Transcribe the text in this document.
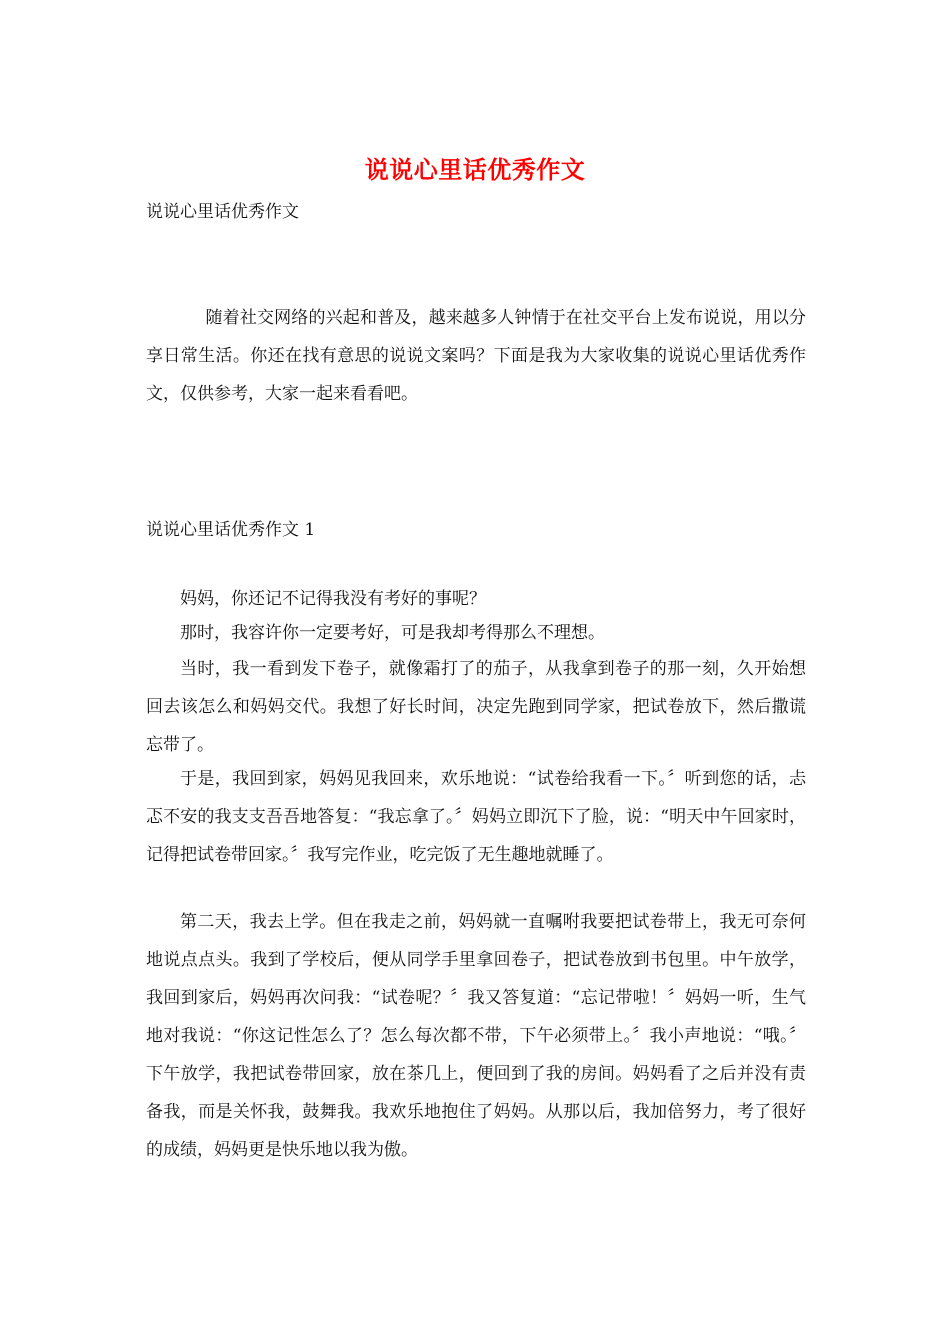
说说心里话优秀作文
说说心里话优秀作文

随着社交网络的兴起和普及，越来越多人钟情于在社交平台上发布说说，用以分享日常生活。你还在找有意思的说说文案吗？下面是我为大家收集的说说心里话优秀作文，仅供参考，大家一起来看看吧。

说说心里话优秀作文 1

妈妈，你还记不记得我没有考好的事呢？

那时，我容许你一定要考好，可是我却考得那么不理想。

当时，我一看到发下卷子，就像霜打了的茄子，从我拿到卷子的那一刻，久开始想回去该怎么和妈妈交代。我想了好长时间，决定先跑到同学家，把试卷放下，然后撒谎忘带了。

于是，我回到家，妈妈见我回来，欢乐地说：“试卷给我看一下。〞听到您的话，忐忑不安的我支支吾吾地答复：“我忘拿了。〞妈妈立即沉下了脸，说：“明天中午回家时，记得把试卷带回家。〞我写完作业，吃完饭了无生趣地就睡了。

第二天，我去上学。但在我走之前，妈妈就一直嘱咐我要把试卷带上，我无可奈何地说点点头。我到了学校后，便从同学手里拿回卷子，把试卷放到书包里。中午放学，我回到家后，妈妈再次问我：“试卷呢？〞我又答复道：“忘记带啦！〞妈妈一听，生气地对我说：“你这记性怎么了？怎么每次都不带，下午必须带上。〞我小声地说：“哦。〞下午放学，我把试卷带回家，放在茶几上，便回到了我的房间。妈妈看了之后并没有责备我，而是关怀我，鼓舞我。我欢乐地抱住了妈妈。从那以后，我加倍努力，考了很好的成绩，妈妈更是快乐地以我为傲。
